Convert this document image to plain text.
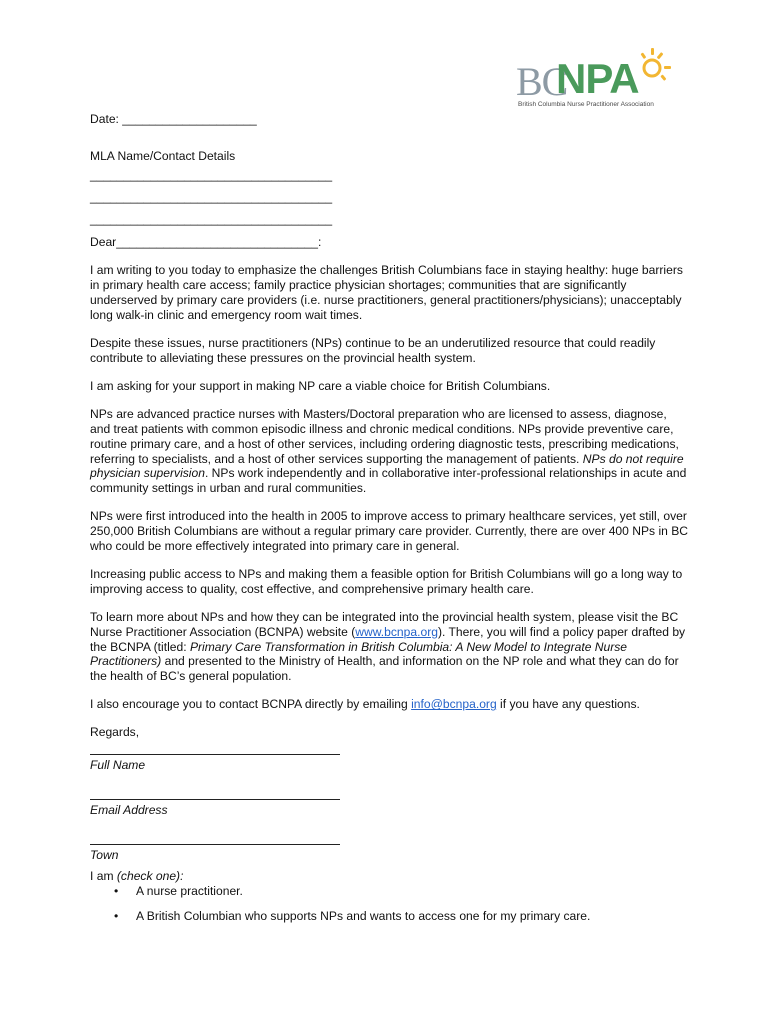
BC
NPA
British Columbia Nurse Practitioner Association

Date: ____________________

MLA Name/Contact Details

____________________________________

____________________________________

____________________________________

Dear______________________________:

I am writing to you today to emphasize the challenges British Columbians face in staying healthy: huge barriers in primary health care access; family practice physician shortages; communities that are significantly underserved by primary care providers (i.e. nurse practitioners, general practitioners/physicians); unacceptably long walk-in clinic and emergency room wait times.

Despite these issues, nurse practitioners (NPs) continue to be an underutilized resource that could readily contribute to alleviating these pressures on the provincial health system.

I am asking for your support in making NP care a viable choice for British Columbians.

NPs are advanced practice nurses with Masters/Doctoral preparation who are licensed to assess, diagnose, and treat patients with common episodic illness and chronic medical conditions. NPs provide preventive care, routine primary care, and a host of other services, including ordering diagnostic tests, prescribing medications, referring to specialists, and a host of other services supporting the management of patients. NPs do not require physician supervision. NPs work independently and in collaborative inter-professional relationships in acute and community settings in urban and rural communities.

NPs were first introduced into the health in 2005 to improve access to primary healthcare services, yet still, over 250,000 British Columbians are without a regular primary care provider. Currently, there are over 400 NPs in BC who could be more effectively integrated into primary care in general.

Increasing public access to NPs and making them a feasible option for British Columbians will go a long way to improving access to quality, cost effective, and comprehensive primary health care.

To learn more about NPs and how they can be integrated into the provincial health system, please visit the BC Nurse Practitioner Association (BCNPA) website (www.bcnpa.org). There, you will find a policy paper drafted by the BCNPA (titled: Primary Care Transformation in British Columbia: A New Model to Integrate Nurse Practitioners) and presented to the Ministry of Health, and information on the NP role and what they can do for the health of BC’s general population.

I also encourage you to contact BCNPA directly by emailing info@bcnpa.org if you have any questions.

Regards,

Full Name

Email Address

Town

I am (check one):

• A nurse practitioner.
• A British Columbian who supports NPs and wants to access one for my primary care.
